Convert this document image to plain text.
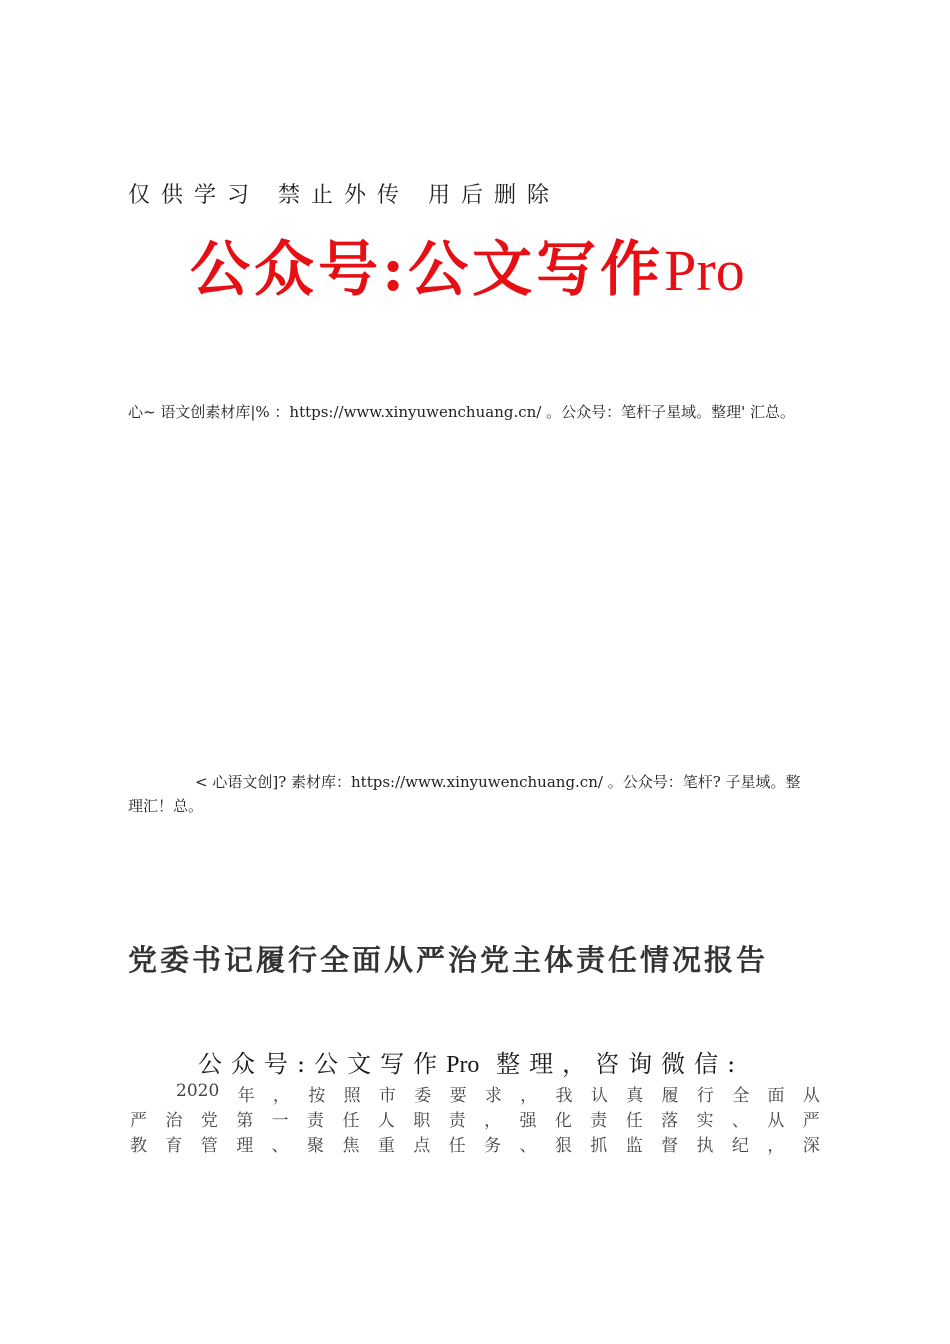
仅供学习 禁止外传 用后删除
公众号:公文写作Pro
心~ 语文创素材库|% ：https://www.xinyuwenchuang.cn/ 。公众号：笔杆子星域。整理' 汇总。
< 心语文创]? 素材库：https://www.xinyuwenchuang.cn/ 。公众号：笔杆? 子星域。整
理汇！总。
党委书记履行全面从严治党主体责任情况报告
公众号:公文写作Pro 整理，咨询微信:
2020 年 ， 按 照 市 委 要 求 ， 我 认 真 履 行 全 面 从
严 治 党 第 一 责 任 人 职 责 ， 强 化 责 任 落 实 、 从 严
教 育 管 理 、 聚 焦 重 点 任 务 、 狠 抓 监 督 执 纪 ， 深
